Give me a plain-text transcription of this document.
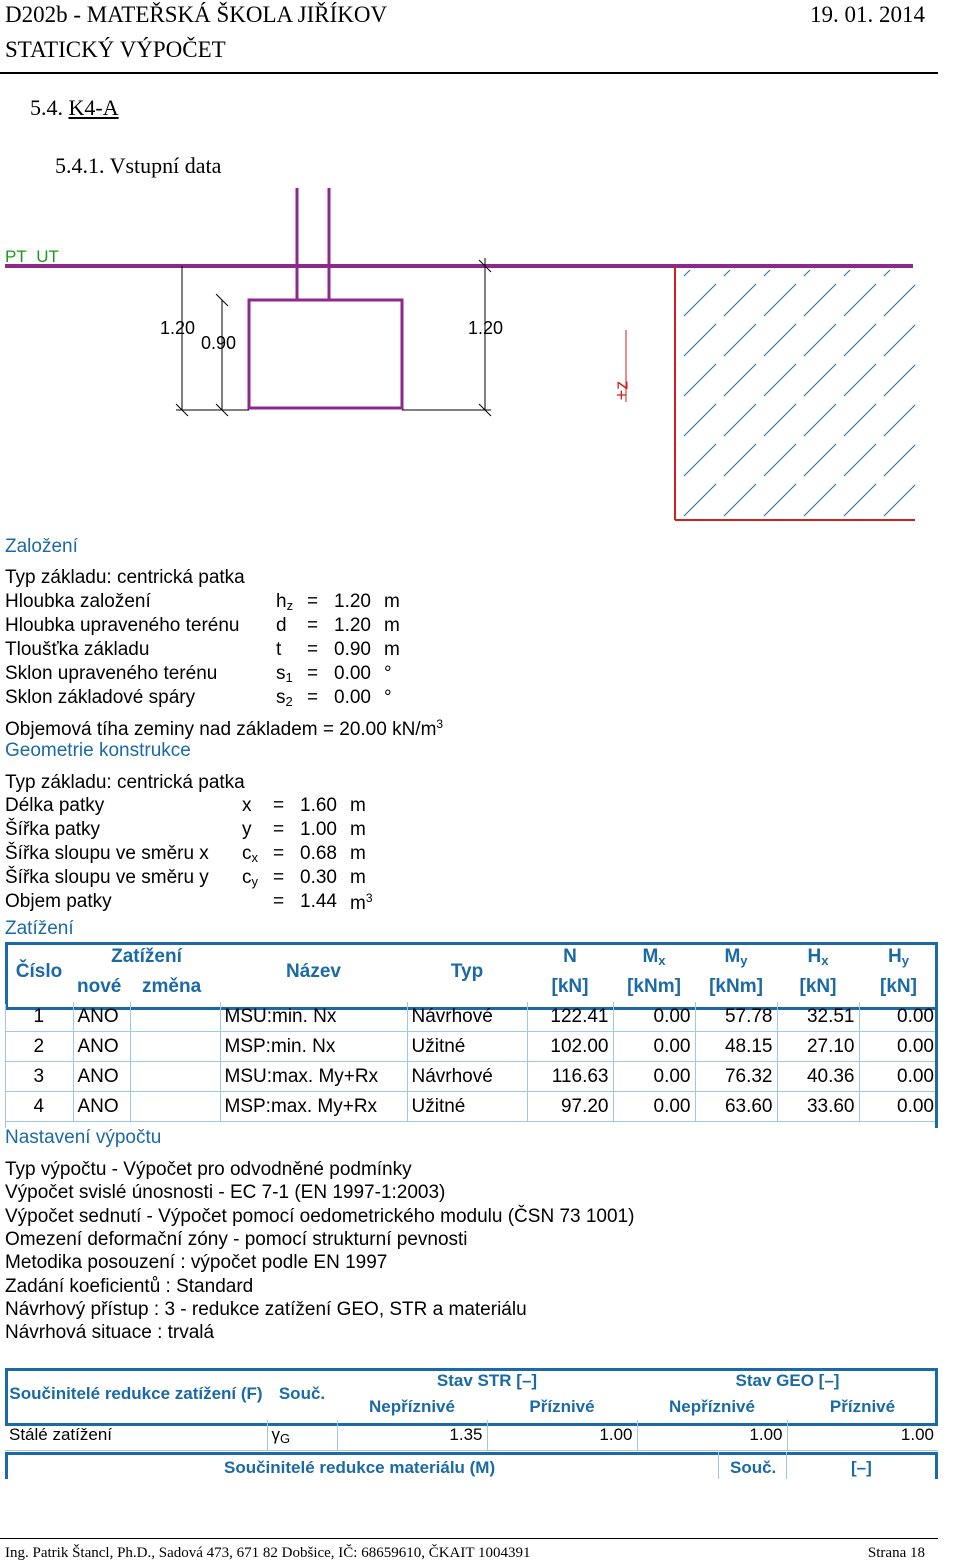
D202b - MATEŘSKÁ ŠKOLA JIŘÍKOV	19. 01. 2014
STATICKÝ VÝPOČET
5.4. K4-A
5.4.1. Vstupní data
PT UT
1.20
0.90
1.20
+z
Založení
Typ základu: centrická patka
Hloubka založení	$h_z = 1.20$ m
Hloubka upraveného terénu d = 1.20 m
Tloušťka základu	t = 0.90 m
Sklon upraveného terénu	$s_1 = 0.00$ °
Sklon základové spáry	$s_2 = 0.00$ °
Objemová tíha zeminy nad základem = 20.00 $kN/m^3$
Geometrie konstrukce
Typ základu: centrická patka
Délka patky	x = 1.60 m
Šířka patky	y = 1.00 m
Šířka sloupu ve směru x $c_x = 0.68$ m
Šířka sloupu ve směru y $c_y = 0.30$ m
Objem patky	= 1.44 $m^3$
Zatížení
Číslo	Zatížení		Název	Typ	N	$M_x$	$M_y$	$H_x$	$H_y$
	nové	změna			[kN]	[kNm]	[kNm]	[kN]	[kN]
1	ANO		MSU:min. Nx	Návrhové	122.41	0.00	57.78	32.51	0.00
2	ANO		MSP:min. Nx	Užitné	102.00	0.00	48.15	27.10	0.00
3	ANO		MSU:max. My+Rx	Návrhové	116.63	0.00	76.32	40.36	0.00
4	ANO		MSP:max. My+Rx	Užitné	97.20	0.00	63.60	33.60	0.00
Nastavení výpočtu
Typ výpočtu - Výpočet pro odvodněné podmínky
Výpočet svislé únosnosti - EC 7-1 (EN 1997-1:2003)
Výpočet sednutí - Výpočet pomocí oedometrického modulu (ČSN 73 1001)
Omezení deformační zóny - pomocí strukturní pevnosti
Metodika posouzení : výpočet podle EN 1997
Zadání koeficientů : Standard
Návrhový přístup : 3 - redukce zatížení GEO, STR a materiálu
Návrhová situace : trvalá
Součinitelé redukce zatížení (F)	Souč.	Stav STR [–]		Stav GEO [–]	
		Nepříznivé	Příznivé	Nepříznivé	Příznivé
Stálé zatížení	$\gamma_G$	1.35	1.00	1.00	1.00
Součinitelé redukce materiálu (M)	Souč.	[–]
Ing. Patrik Štancl, Ph.D., Sadová 473, 671 82 Dobšice, IČ: 68659610, ČKAIT 1004391	Strana 18
